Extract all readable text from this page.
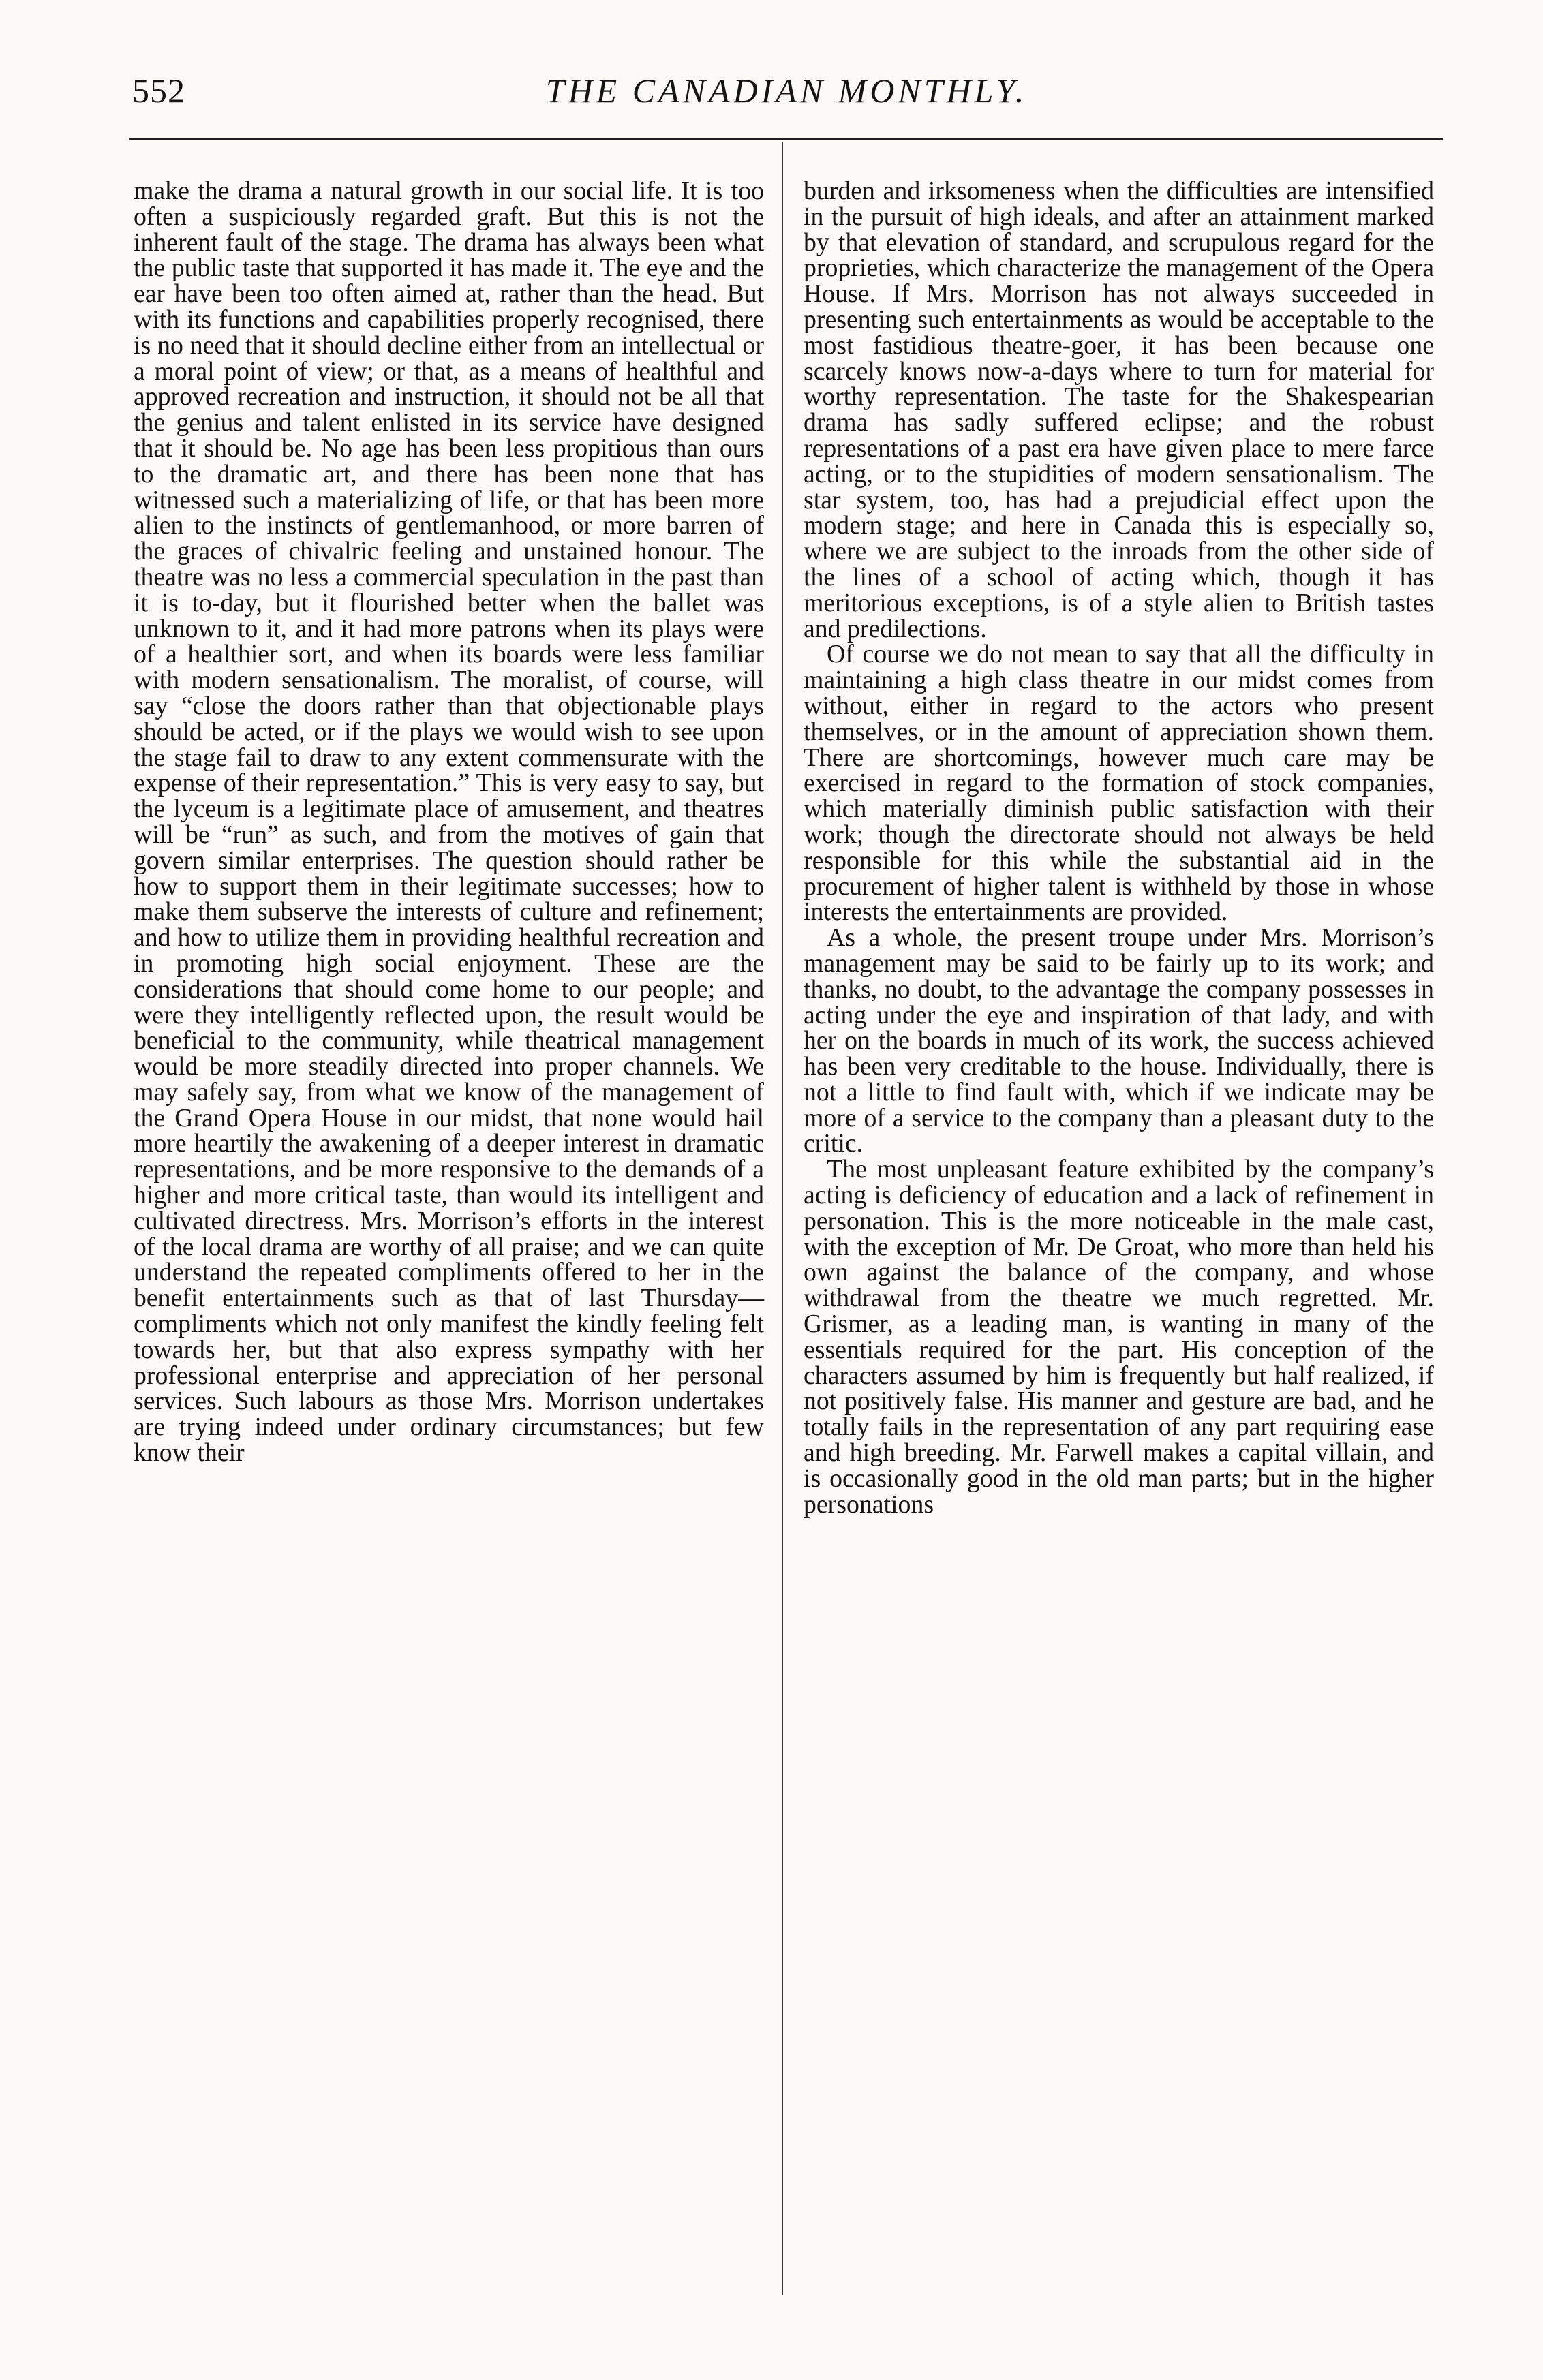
552	THE CANADIAN MONTHLY.

make the drama a natural growth in our social life. It is too often a suspiciously regarded graft. But this is not the inherent fault of the stage. The drama has always been what the public taste that supported it has made it. The eye and the ear have been too often aimed at, rather than the head. But with its functions and capabilities properly recognised, there is no need that it should decline either from an intellectual or a moral point of view; or that, as a means of healthful and approved recreation and instruction, it should not be all that the genius and talent enlisted in its service have designed that it should be. No age has been less propitious than ours to the dramatic art, and there has been none that has witnessed such a materializing of life, or that has been more alien to the instincts of gentlemanhood, or more barren of the graces of chivalric feeling and unstained honour. The theatre was no less a commercial speculation in the past than it is to-day, but it flourished better when the ballet was unknown to it, and it had more patrons when its plays were of a healthier sort, and when its boards were less familiar with modern sensationalism. The moralist, of course, will say “close the doors rather than that objectionable plays should be acted, or if the plays we would wish to see upon the stage fail to draw to any extent commensurate with the expense of their representation.” This is very easy to say, but the lyceum is a legitimate place of amusement, and theatres will be “run” as such, and from the motives of gain that govern similar enterprises. The question should rather be how to support them in their legitimate successes; how to make them subserve the interests of culture and refinement; and how to utilize them in providing healthful recreation and in promoting high social enjoyment. These are the considerations that should come home to our people; and were they intelligently reflected upon, the result would be beneficial to the community, while theatrical management would be more steadily directed into proper channels. We may safely say, from what we know of the management of the Grand Opera House in our midst, that none would hail more heartily the awakening of a deeper interest in dramatic representations, and be more responsive to the demands of a higher and more critical taste, than would its intelligent and cultivated directress. Mrs. Morrison’s efforts in the interest of the local drama are worthy of all praise; and we can quite understand the repeated compliments offered to her in the benefit entertainments such as that of last Thursday—compliments which not only manifest the kindly feeling felt towards her, but that also express sympathy with her professional enterprise and appreciation of her personal services. Such labours as those Mrs. Morrison undertakes are trying indeed under ordinary circumstances; but few know their

burden and irksomeness when the difficulties are intensified in the pursuit of high ideals, and after an attainment marked by that elevation of standard, and scrupulous regard for the proprieties, which characterize the management of the Opera House. If Mrs. Morrison has not always succeeded in presenting such entertainments as would be acceptable to the most fastidious theatre-goer, it has been because one scarcely knows now-a-days where to turn for material for worthy representation. The taste for the Shakespearian drama has sadly suffered eclipse; and the robust representations of a past era have given place to mere farce acting, or to the stupidities of modern sensationalism. The star system, too, has had a prejudicial effect upon the modern stage; and here in Canada this is especially so, where we are subject to the inroads from the other side of the lines of a school of acting which, though it has meritorious exceptions, is of a style alien to British tastes and predilections.

Of course we do not mean to say that all the difficulty in maintaining a high class theatre in our midst comes from without, either in regard to the actors who present themselves, or in the amount of appreciation shown them. There are shortcomings, however much care may be exercised in regard to the formation of stock companies, which materially diminish public satisfaction with their work; though the directorate should not always be held responsible for this while the substantial aid in the procurement of higher talent is withheld by those in whose interests the entertainments are provided.

As a whole, the present troupe under Mrs. Morrison’s management may be said to be fairly up to its work; and thanks, no doubt, to the advantage the company possesses in acting under the eye and inspiration of that lady, and with her on the boards in much of its work, the success achieved has been very creditable to the house. Individually, there is not a little to find fault with, which if we indicate may be more of a service to the company than a pleasant duty to the critic.

The most unpleasant feature exhibited by the company’s acting is deficiency of education and a lack of refinement in personation. This is the more noticeable in the male cast, with the exception of Mr. De Groat, who more than held his own against the balance of the company, and whose withdrawal from the theatre we much regretted. Mr. Grismer, as a leading man, is wanting in many of the essentials required for the part. His conception of the characters assumed by him is frequently but half realized, if not positively false. His manner and gesture are bad, and he totally fails in the representation of any part requiring ease and high breeding. Mr. Farwell makes a capital villain, and is occasionally good in the old man parts; but in the higher personations
